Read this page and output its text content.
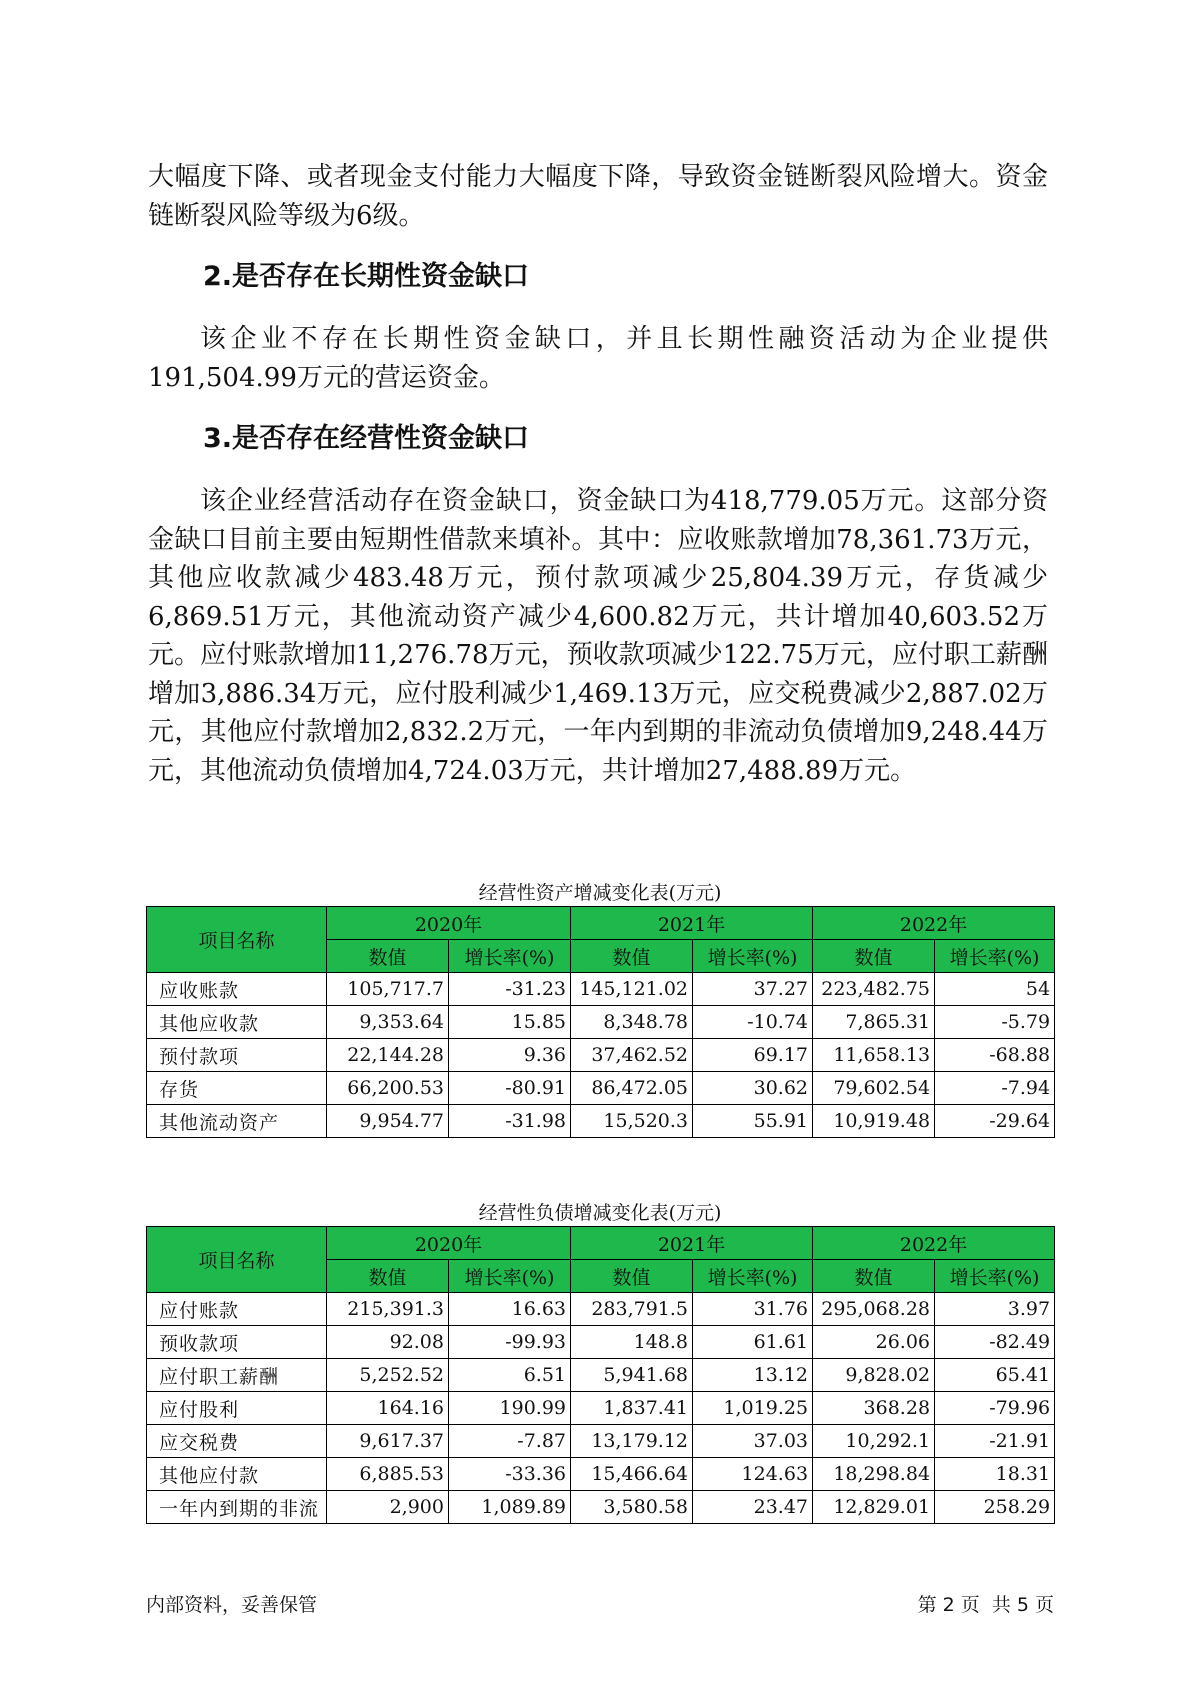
大幅度下降、或者现金支付能力大幅度下降，导致资金链断裂风险增大。资金链断裂风险等级为6级。

2.是否存在长期性资金缺口

该企业不存在长期性资金缺口，并且长期性融资活动为企业提供191,504.99万元的营运资金。

3.是否存在经营性资金缺口

该企业经营活动存在资金缺口，资金缺口为418,779.05万元。这部分资金缺口目前主要由短期性借款来填补。其中：应收账款增加78,361.73万元，其他应收款减少483.48万元，预付款项减少25,804.39万元，存货减少6,869.51万元，其他流动资产减少4,600.82万元，共计增加40,603.52万元。应付账款增加11,276.78万元，预收款项减少122.75万元，应付职工薪酬增加3,886.34万元，应付股利减少1,469.13万元，应交税费减少2,887.02万元，其他应付款增加2,832.2万元，一年内到期的非流动负债增加9,248.44万元，其他流动负债增加4,724.03万元，共计增加27,488.89万元。

经营性资产增减变化表(万元)

项目名称	2020年		2021年		2022年	
	数值	增长率(%)	数值	增长率(%)	数值	增长率(%)
应收账款	105,717.7	-31.23	145,121.02	37.27	223,482.75	54
其他应收款	9,353.64	15.85	8,348.78	-10.74	7,865.31	-5.79
预付款项	22,144.28	9.36	37,462.52	69.17	11,658.13	-68.88
存货	66,200.53	-80.91	86,472.05	30.62	79,602.54	-7.94
其他流动资产	9,954.77	-31.98	15,520.3	55.91	10,919.48	-29.64

经营性负债增减变化表(万元)

项目名称	2020年		2021年		2022年	
	数值	增长率(%)	数值	增长率(%)	数值	增长率(%)
应付账款	215,391.3	16.63	283,791.5	31.76	295,068.28	3.97
预收款项	92.08	-99.93	148.8	61.61	26.06	-82.49
应付职工薪酬	5,252.52	6.51	5,941.68	13.12	9,828.02	65.41
应付股利	164.16	190.99	1,837.41	1,019.25	368.28	-79.96
应交税费	9,617.37	-7.87	13,179.12	37.03	10,292.1	-21.91
其他应付款	6,885.53	-33.36	15,466.64	124.63	18,298.84	18.31
一年内到期的非流	2,900	1,089.89	3,580.58	23.47	12,829.01	258.29
内部资料，妥善保管	第 2 页  共 5 页
